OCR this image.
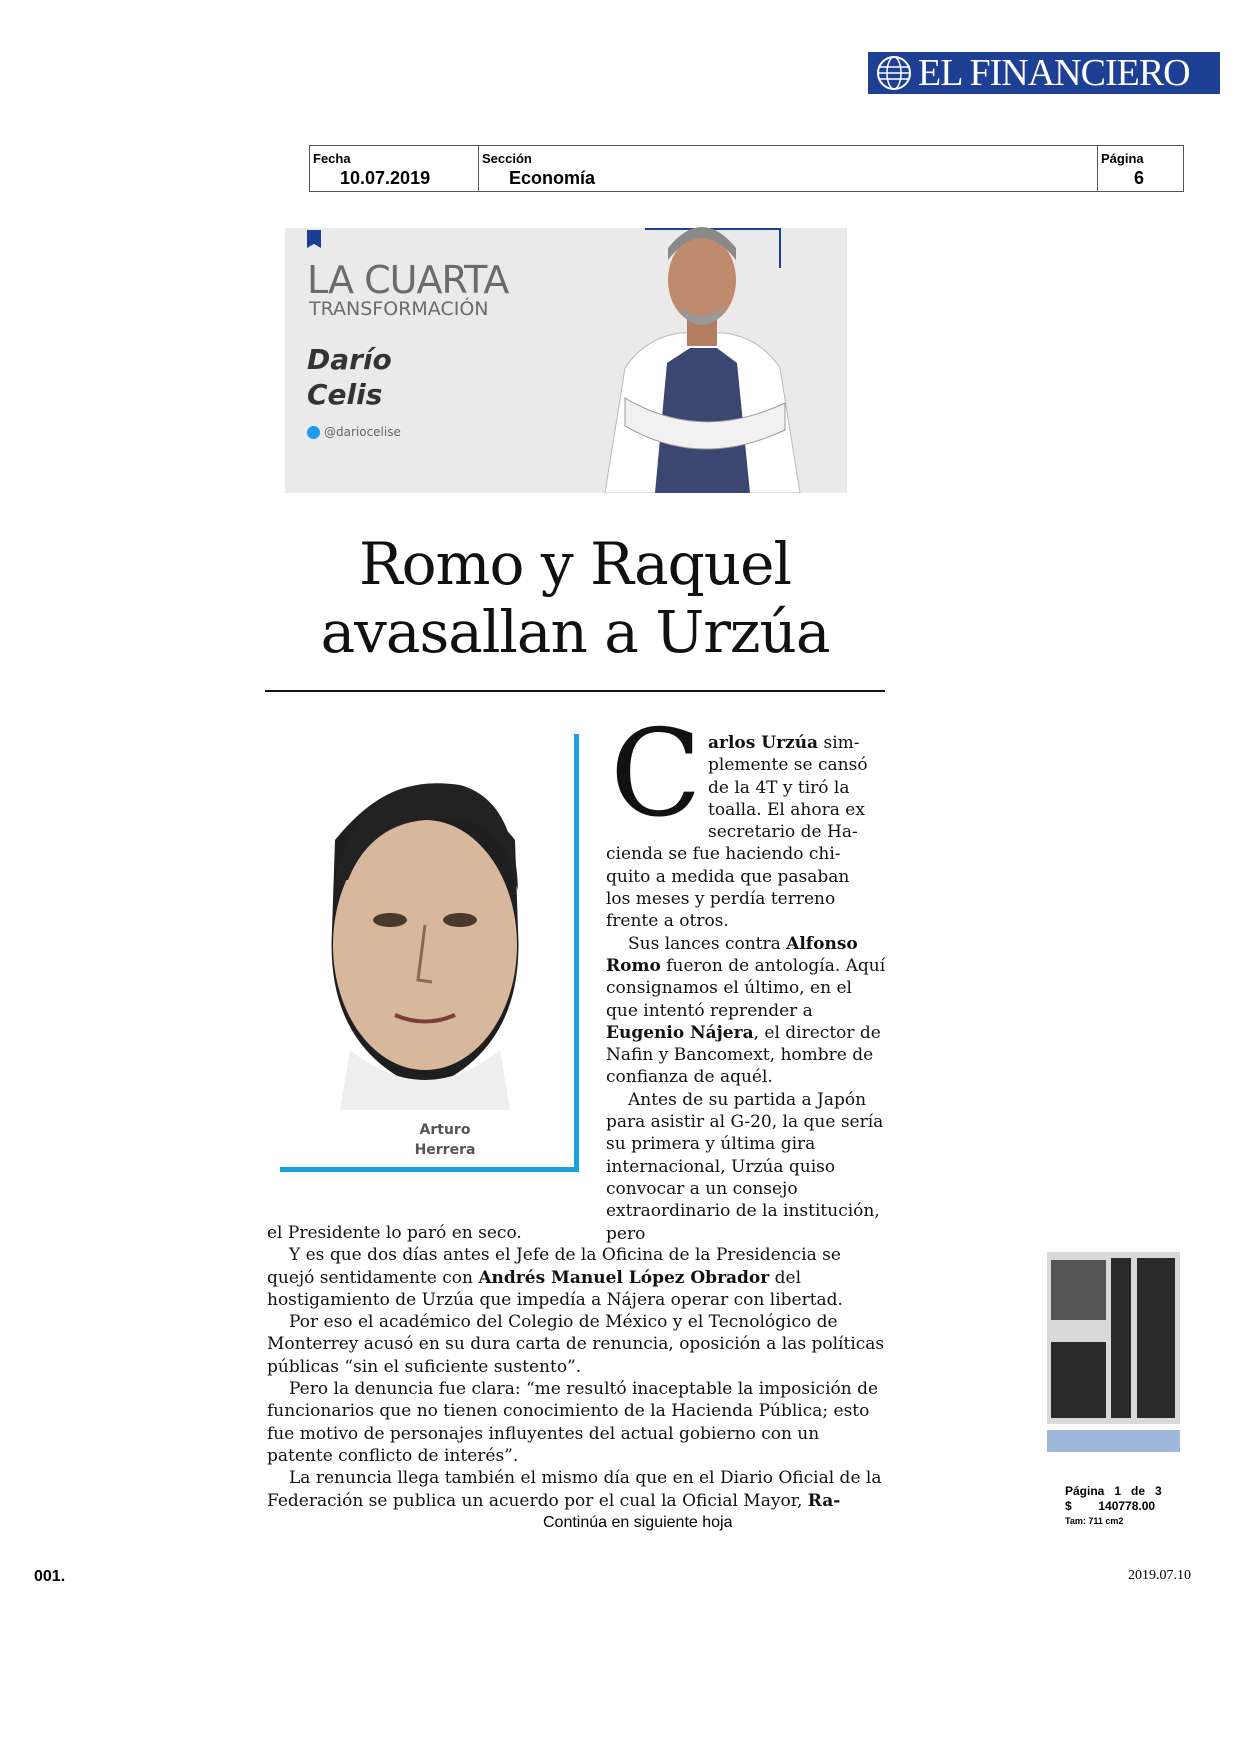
EL FINANCIERO
Fecha
10.07.2019
Sección
Economía
Página
6
LA CUARTA
TRANSFORMACIÓN
Darío
Celis
@dariocelise
Romo y Raquel
avasallan a Urzúa
Arturo
Herrera
C arlos Urzúa sim-

plemente se cansó

de la 4T y tiró la

toalla. El ahora ex

secretario de Ha-

cienda se fue haciendo chi-

quito a medida que pasaban

los meses y perdía terreno

frente a otros.

Sus lances contra Alfonso Romo fueron de antología. Aquí consignamos el último, en el que intentó reprender a Eugenio Nájera, el director de Nafin y Bancomext, hombre de confianza de aquél.

Antes de su partida a Japón para asistir al G-20, la que sería su primera y última gira internacional, Urzúa quiso convocar a un consejo extraordinario de la institución, pero

el Presidente lo paró en seco.

Y es que dos días antes el Jefe de la Oficina de la Presidencia se quejó sentidamente con Andrés Manuel López Obrador del hostigamiento de Urzúa que impedía a Nájera operar con libertad.

Por eso el académico del Colegio de México y el Tecnológico de Monterrey acusó en su dura carta de renuncia, oposición a las políticas públicas “sin el suficiente sustento”.

Pero la denuncia fue clara: “me resultó inaceptable la imposición de funcionarios que no tienen conocimiento de la Hacienda Pública; esto fue motivo de personajes influyentes del actual gobierno con un patente conflicto de interés”.

La renuncia llega también el mismo día que en el Diario Oficial de la Federación se publica un acuerdo por el cual la Oficial Mayor, Ra-

Continúa en siguiente hoja
Página   1   de   3
$        140778.00
Tam: 711 cm2
001.	2019.07.10
